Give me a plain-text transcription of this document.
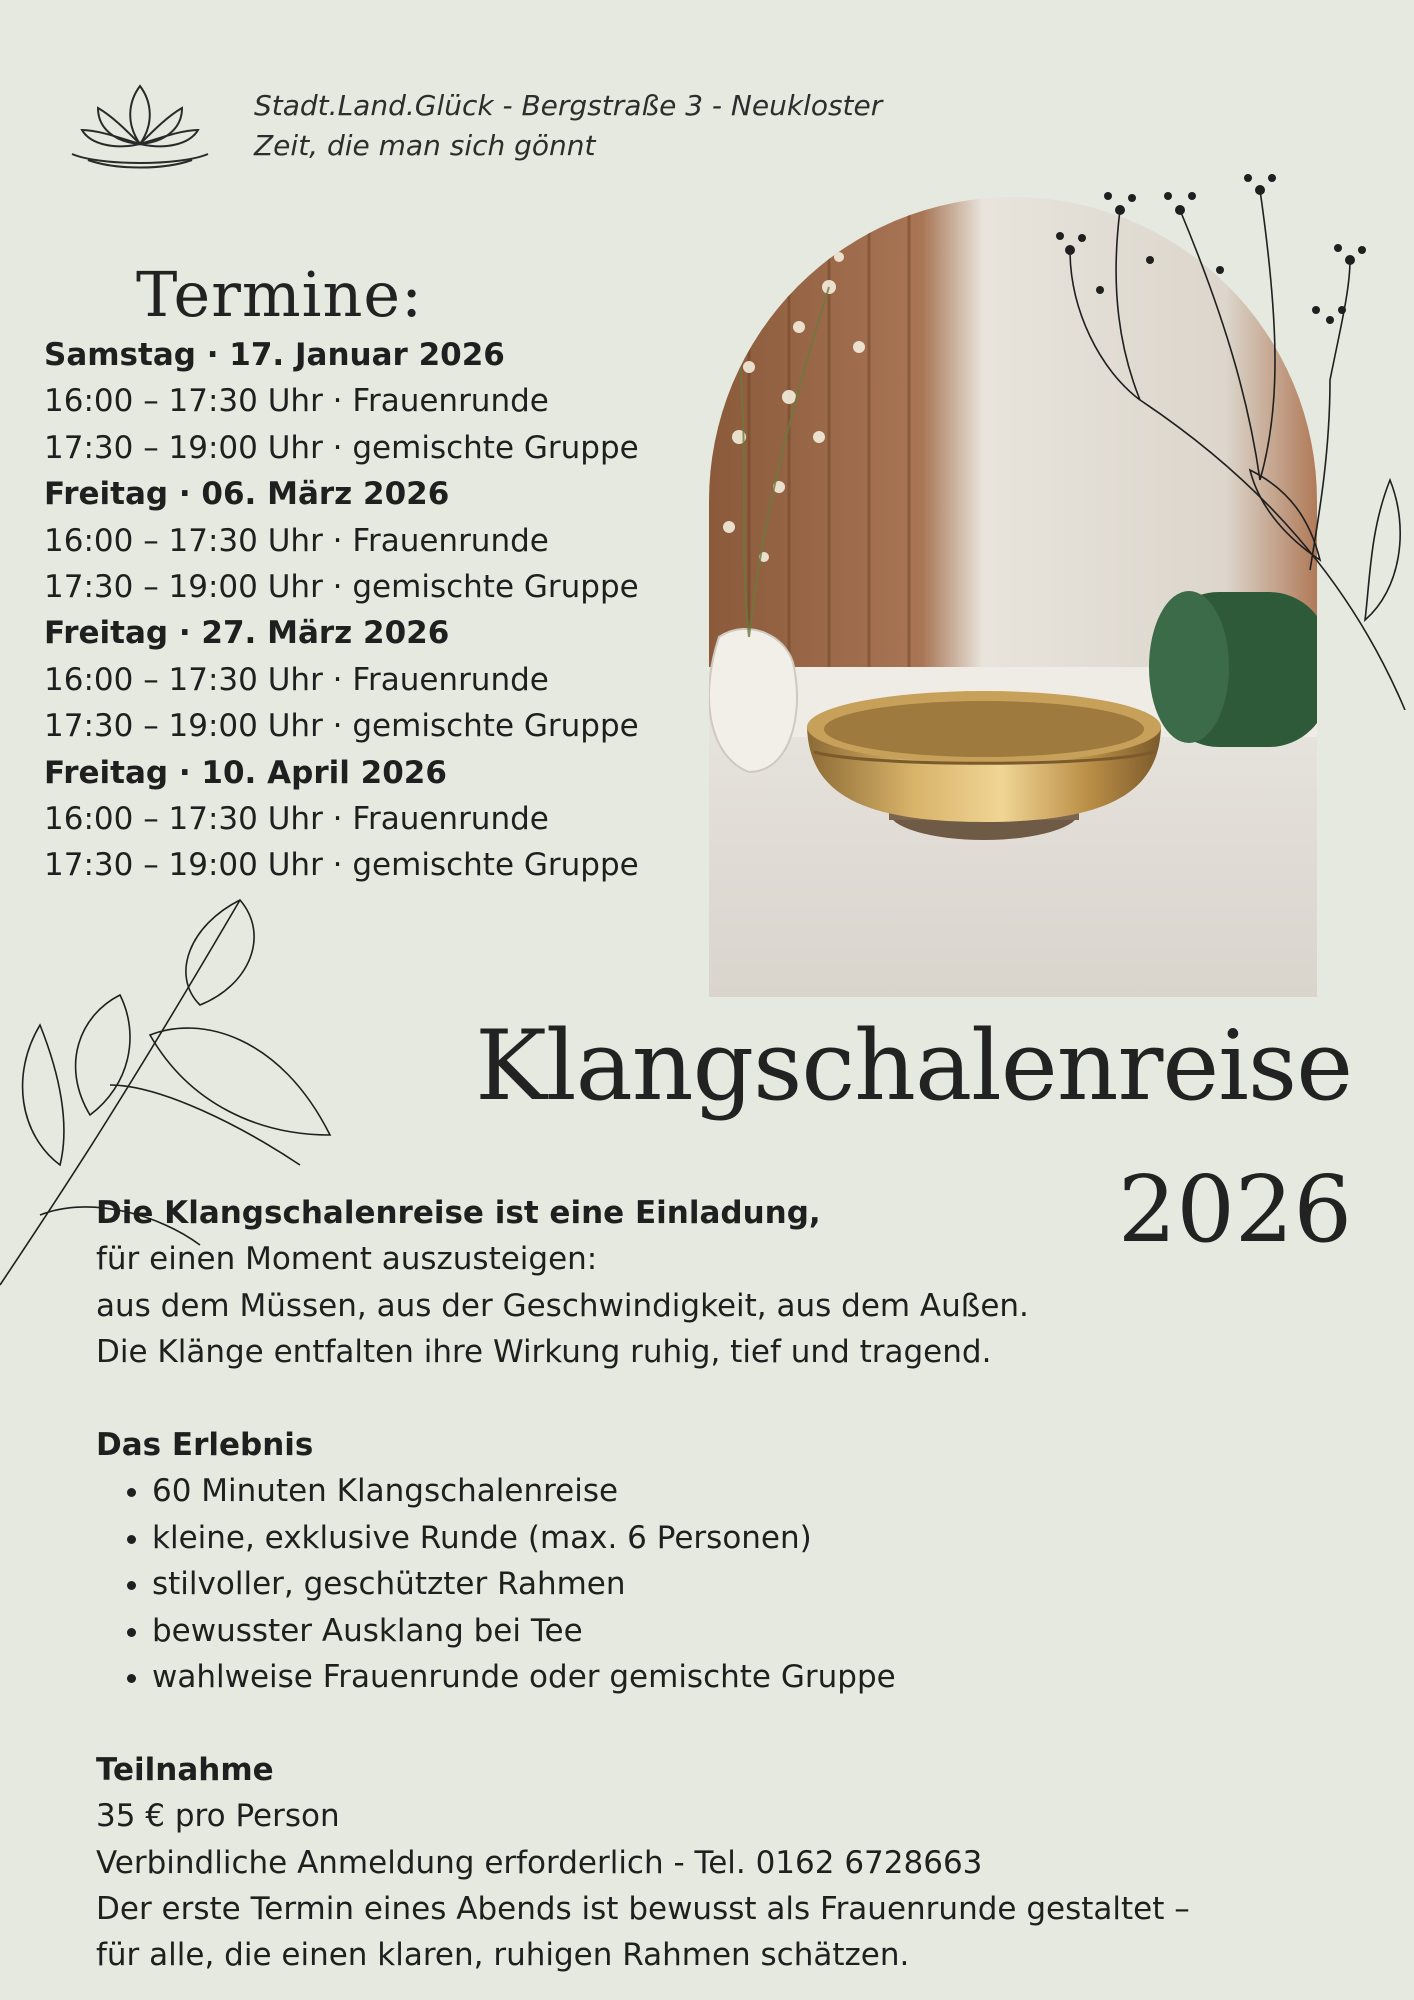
Stadt.Land.Glück - Bergstraße 3 - Neukloster
Zeit, die man sich gönnt
Termine:
Samstag · 17. Januar 2026
16:00 – 17:30 Uhr · Frauenrunde
17:30 – 19:00 Uhr · gemischte Gruppe
Freitag · 06. März 2026
16:00 – 17:30 Uhr · Frauenrunde
17:30 – 19:00 Uhr · gemischte Gruppe
Freitag · 27. März 2026
16:00 – 17:30 Uhr · Frauenrunde
17:30 – 19:00 Uhr · gemischte Gruppe
Freitag · 10. April 2026
16:00 – 17:30 Uhr · Frauenrunde
17:30 – 19:00 Uhr · gemischte Gruppe
Klangschalenreise
2026
Die Klangschalenreise ist eine Einladung,
für einen Moment auszusteigen:
aus dem Müssen, aus der Geschwindigkeit, aus dem Außen.
Die Klänge entfalten ihre Wirkung ruhig, tief und tragend.
Das Erlebnis
• 60 Minuten Klangschalenreise
• kleine, exklusive Runde (max. 6 Personen)
• stilvoller, geschützter Rahmen
• bewusster Ausklang bei Tee
• wahlweise Frauenrunde oder gemischte Gruppe
Teilnahme
35 € pro Person
Verbindliche Anmeldung erforderlich - Tel. 0162 6728663
Der erste Termin eines Abends ist bewusst als Frauenrunde gestaltet –
für alle, die einen klaren, ruhigen Rahmen schätzen.
